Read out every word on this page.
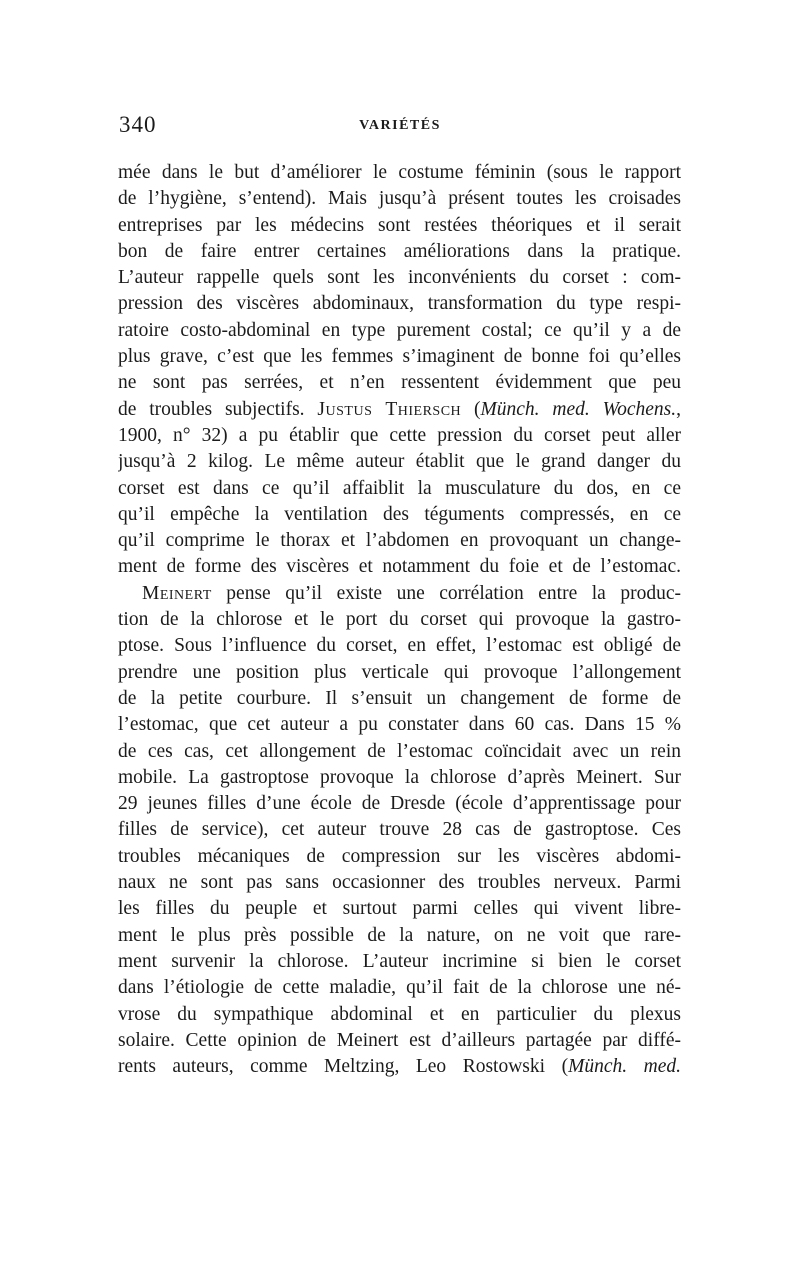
340	VARIÉTÉS
mée dans le but d’améliorer le costume féminin (sous le rapport
de l’hygiène, s’entend). Mais jusqu’à présent toutes les croisades
entreprises par les médecins sont restées théoriques et il serait
bon de faire entrer certaines améliorations dans la pratique.
L’auteur rappelle quels sont les inconvénients du corset : com-
pression des viscères abdominaux, transformation du type respi-
ratoire costo-abdominal en type purement costal; ce qu’il y a de
plus grave, c’est que les femmes s’imaginent de bonne foi qu’elles
ne sont pas serrées, et n’en ressentent évidemment que peu
de troubles subjectifs. Justus Thiersch (Münch. med. Wochens.,
1900, n° 32) a pu établir que cette pression du corset peut aller
jusqu’à 2 kilog. Le même auteur établit que le grand danger du
corset est dans ce qu’il affaiblit la musculature du dos, en ce
qu’il empêche la ventilation des téguments compressés, en ce
qu’il comprime le thorax et l’abdomen en provoquant un change-
ment de forme des viscères et notamment du foie et de l’estomac.
Meinert pense qu’il existe une corrélation entre la produc-
tion de la chlorose et le port du corset qui provoque la gastro-
ptose. Sous l’influence du corset, en effet, l’estomac est obligé de
prendre une position plus verticale qui provoque l’allongement
de la petite courbure. Il s’ensuit un changement de forme de
l’estomac, que cet auteur a pu constater dans 60 cas. Dans 15 %
de ces cas, cet allongement de l’estomac coïncidait avec un rein
mobile. La gastroptose provoque la chlorose d’après Meinert. Sur
29 jeunes filles d’une école de Dresde (école d’apprentissage pour
filles de service), cet auteur trouve 28 cas de gastroptose. Ces
troubles mécaniques de compression sur les viscères abdomi-
naux ne sont pas sans occasionner des troubles nerveux. Parmi
les filles du peuple et surtout parmi celles qui vivent libre-
ment le plus près possible de la nature, on ne voit que rare-
ment survenir la chlorose. L’auteur incrimine si bien le corset
dans l’étiologie de cette maladie, qu’il fait de la chlorose une né-
vrose du sympathique abdominal et en particulier du plexus
solaire. Cette opinion de Meinert est d’ailleurs partagée par diffé-
rents auteurs, comme Meltzing, Leo Rostowski (Münch. med.
